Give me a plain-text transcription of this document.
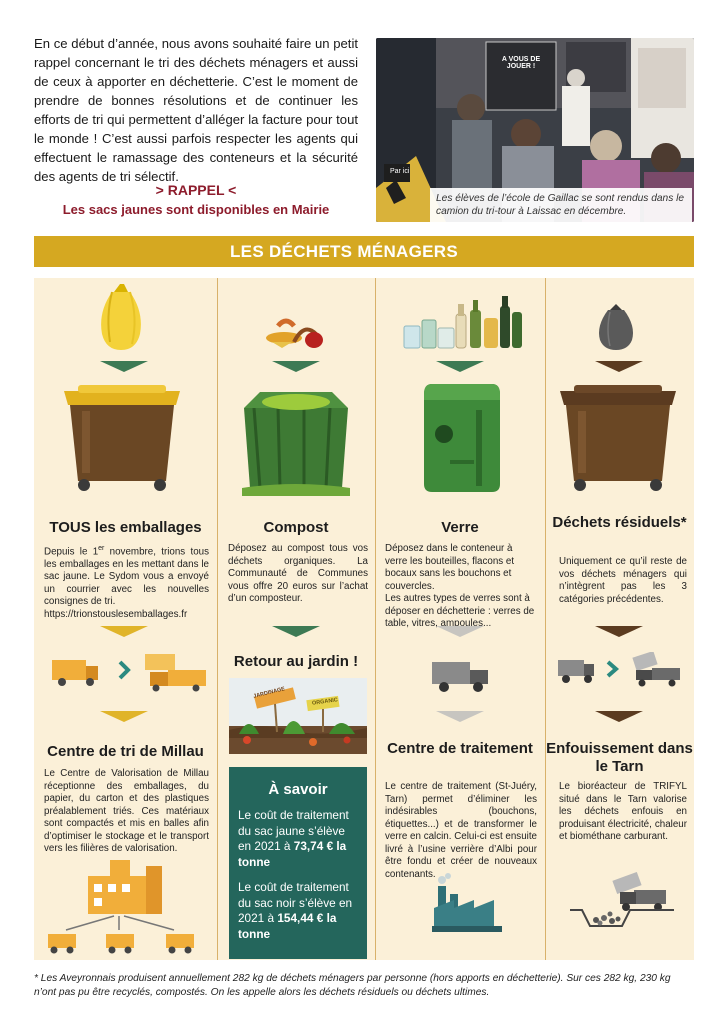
En ce début d’année, nous avons souhaité faire un petit rappel concernant le tri des déchets ménagers et aussi de ceux à apporter en déchetterie. C’est le moment de prendre de bonnes résolutions et de continuer les efforts de tri qui permettent d’alléger la facture pour tout le monde ! C’est aussi parfois respecter les agents qui effectuent le ramassage des conteneurs et la sécurité des agents de tri sélectif.
> RAPPEL <
Les sacs jaunes sont disponibles en Mairie
A VOUS DE JOUER !
Par ici
Les élèves de l’école de Gaillac se sont rendus dans le camion du tri-tour à Laissac en décembre.
LES DÉCHETS MÉNAGERS
TOUS les emballages
Depuis le 1er novembre, trions tous les emballages en les mettant dans le sac jaune. Le Sydom vous a envoyé un courrier avec les nouvelles consignes de tri.
https://trionstouslesemballages.fr
Centre de tri de Millau
Le Centre de Valorisation de Millau réceptionne des emballages, du papier, du carton et des plastiques préalablement triés. Ces matériaux sont compactés et mis en balles afin d’optimiser le stockage et le transport vers les filières de valorisation.
Compost
Déposez au compost tous vos déchets organiques. La Communauté de Communes vous offre 20 euros sur l’achat d’un composteur.
Retour au jardin !
JARDINAGE
ORGANIC
À savoir

Le coût de traitement du sac jaune s’élève en 2021 à 73,74 € la tonne

Le coût de traitement du sac noir s’élève en 2021 à 154,44 € la tonne

Verre
Déposez dans le conteneur à verre les bouteilles, flacons et bocaux sans les bouchons et couvercles.
Les autres types de verres sont à déposer en déchetterie : verres de table, vitres, ampoules...
Centre de traitement
Le centre de traitement (St-Juéry, Tarn) permet d’éliminer les indésirables (bouchons, étiquettes...) et de transformer le verre en calcin. Celui-ci est ensuite livré à l’usine verrière d’Albi pour être fondu et créer de nouveaux contenants.
Déchets résiduels*
Uniquement ce qu’il reste de vos déchets ménagers qui n’intègrent pas les 3 catégories précédentes.
Enfouissement dans le Tarn
Le bioréacteur de TRIFYL situé dans le Tarn valorise les déchets enfouis en produisant électricité, chaleur et biométhane carburant.
* Les Aveyronnais produisent annuellement 282 kg de déchets ménagers par personne (hors apports en déchetterie). Sur ces 282 kg, 230 kg n’ont pas pu être recyclés, compostés. On les appelle alors les déchets résiduels ou déchets ultimes.
